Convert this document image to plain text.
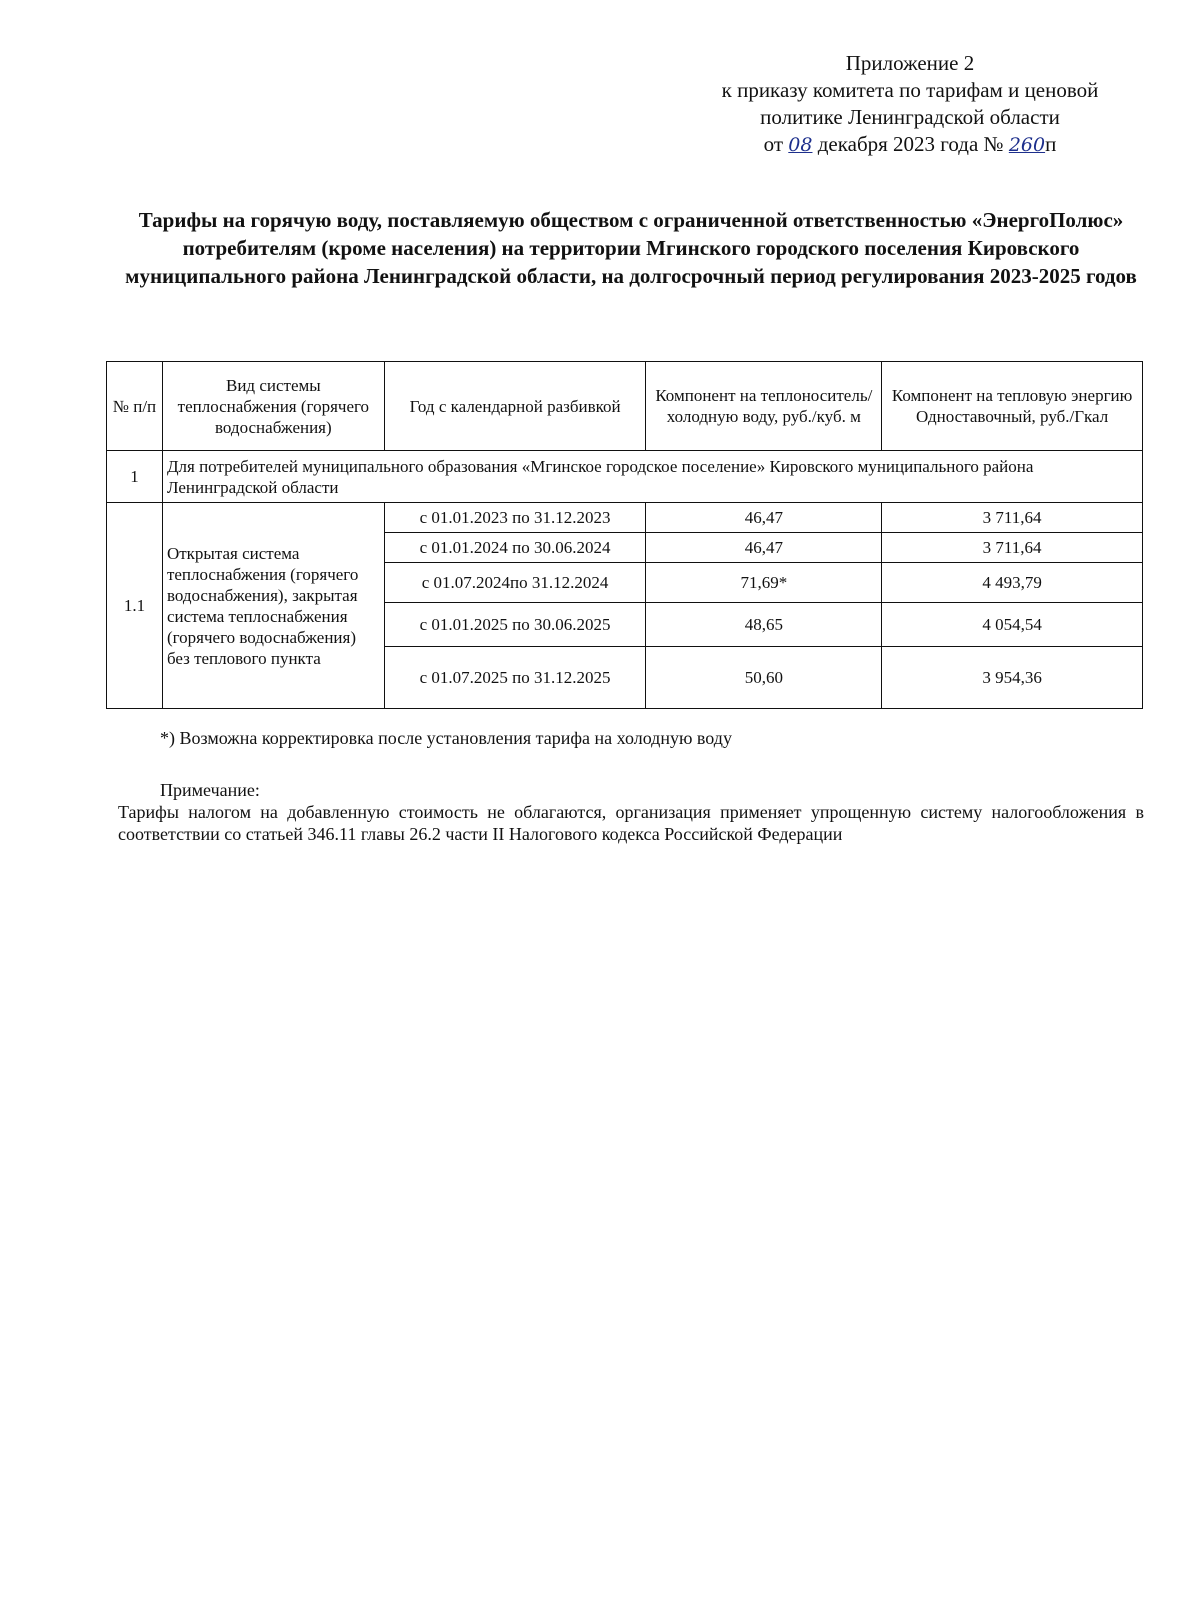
Приложение 2
к приказу комитета по тарифам и ценовой
политике Ленинградской области
от 08 декабря 2023 года № 260п
Тарифы на горячую воду, поставляемую обществом с ограниченной ответственностью «ЭнергоПолюс» потребителям (кроме населения) на территории Мгинского городского поселения Кировского муниципального района Ленинградской области, на долгосрочный период регулирования 2023-2025 годов
№ п/п	Вид системы теплоснабжения (горячего водоснабжения)	Год с календарной разбивкой	Компонент на теплоноситель/холодную воду, руб./куб. м	Компонент на тепловую энергию Одноставочный, руб./Гкал
1	Для потребителей муниципального образования «Мгинское городское поселение» Кировского муниципального района Ленинградской области			
1.1	Открытая система теплоснабжения (горячего водоснабжения), закрытая система теплоснабжения (горячего водоснабжения) без теплового пункта	с 01.01.2023 по 31.12.2023	46,47	3 711,64
		с 01.01.2024 по 30.06.2024	46,47	3 711,64
		с 01.07.2024по 31.12.2024	71,69*	4 493,79
		с 01.01.2025 по 30.06.2025	48,65	4 054,54
		с 01.07.2025 по 31.12.2025	50,60	3 954,36
*) Возможна корректировка после установления тарифа на холодную воду
Примечание:
Тарифы налогом на добавленную стоимость не облагаются, организация применяет упрощенную систему налогообложения в соответствии со статьей 346.11 главы 26.2 части II Налогового кодекса Российской Федерации
